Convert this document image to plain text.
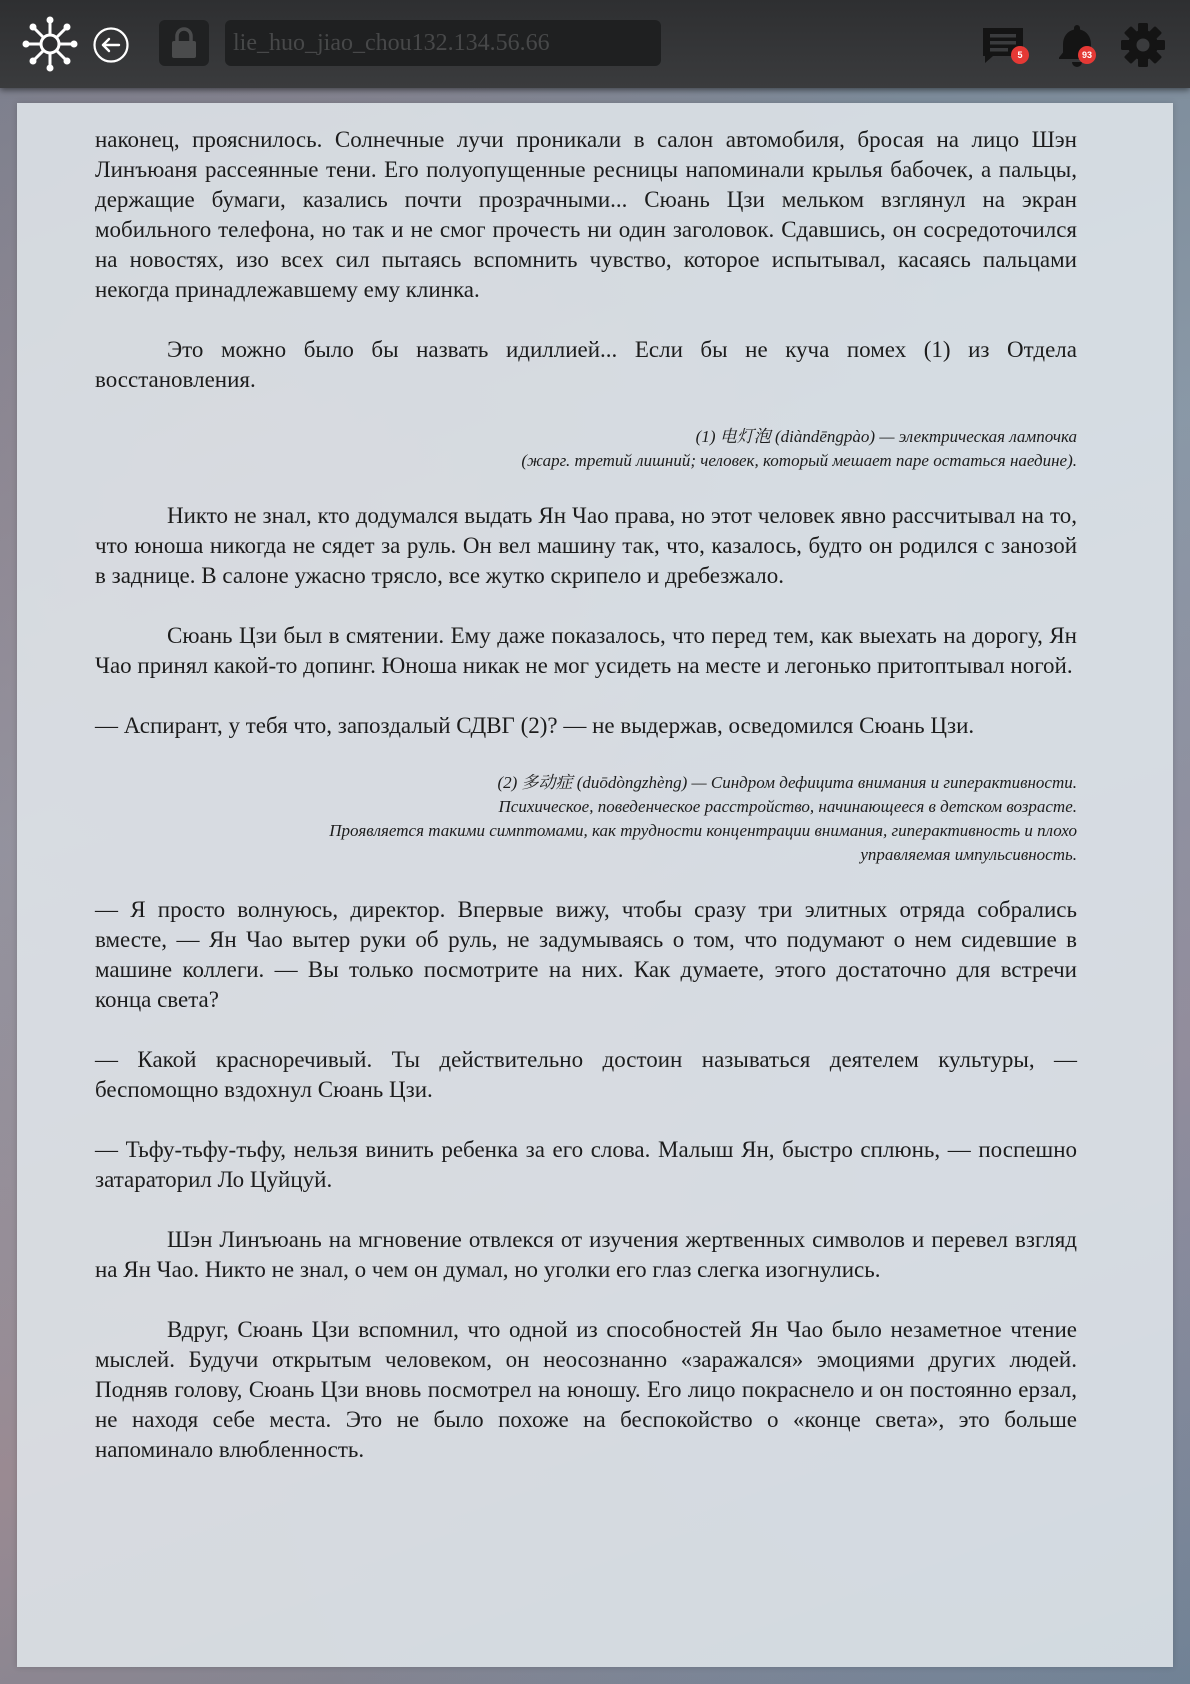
lie_huo_jiao_chou132.134.56.66	5	93

наконец, прояснилось. Солнечные лучи проникали в салон автомобиля, бросая на лицо Шэн Линъюаня рассеянные тени. Его полуопущенные ресницы напоминали крылья бабочек, а пальцы, держащие бумаги, казались почти прозрачными... Сюань Цзи мельком взглянул на экран мобильного телефона, но так и не смог прочесть ни один заголовок. Сдавшись, он сосредоточился на новостях, изо всех сил пытаясь вспомнить чувство, которое испытывал, касаясь пальцами некогда принадлежавшему ему клинка.

Это можно было бы назвать идиллией... Если бы не куча помех (1) из Отдела восстановления.

(1) 电灯泡 (diàndēngpào) — электрическая лампочка
(жарг. третий лишний; человек, который мешает паре остаться наедине).

Никто не знал, кто додумался выдать Ян Чао права, но этот человек явно рассчитывал на то, что юноша никогда не сядет за руль. Он вел машину так, что, казалось, будто он родился с занозой в заднице. В салоне ужасно трясло, все жутко скрипело и дребезжало.

Сюань Цзи был в смятении. Ему даже показалось, что перед тем, как выехать на дорогу, Ян Чао принял какой-то допинг. Юноша никак не мог усидеть на месте и легонько притоптывал ногой.

— Аспирант, у тебя что, запоздалый СДВГ (2)? — не выдержав, осведомился Сюань Цзи.

(2) 多动症 (duōdòngzhèng) — Синдром дефицита внимания и гиперактивности.
Психическое, поведенческое расстройство, начинающееся в детском возрасте.
Проявляется такими симптомами, как трудности концентрации внимания, гиперактивность и плохо
управляемая импульсивность.

— Я просто волнуюсь, директор. Впервые вижу, чтобы сразу три элитных отряда собрались вместе, — Ян Чао вытер руки об руль, не задумываясь о том, что подумают о нем сидевшие в машине коллеги. — Вы только посмотрите на них. Как думаете, этого достаточно для встречи конца света?

— Какой красноречивый. Ты действительно достоин называться деятелем культуры, — беспомощно вздохнул Сюань Цзи.

— Тьфу-тьфу-тьфу, нельзя винить ребенка за его слова. Малыш Ян, быстро сплюнь, — поспешно затараторил Ло Цуйцуй.

Шэн Линъюань на мгновение отвлекся от изучения жертвенных символов и перевел взгляд на Ян Чао. Никто не знал, о чем он думал, но уголки его глаз слегка изогнулись.

Вдруг, Сюань Цзи вспомнил, что одной из способностей Ян Чао было незаметное чтение мыслей. Будучи открытым человеком, он неосознанно «заражался» эмоциями других людей. Подняв голову, Сюань Цзи вновь посмотрел на юношу. Его лицо покраснело и он постоянно ерзал, не находя себе места. Это не было похоже на беспокойство о «конце света», это больше напоминало влюбленность.
